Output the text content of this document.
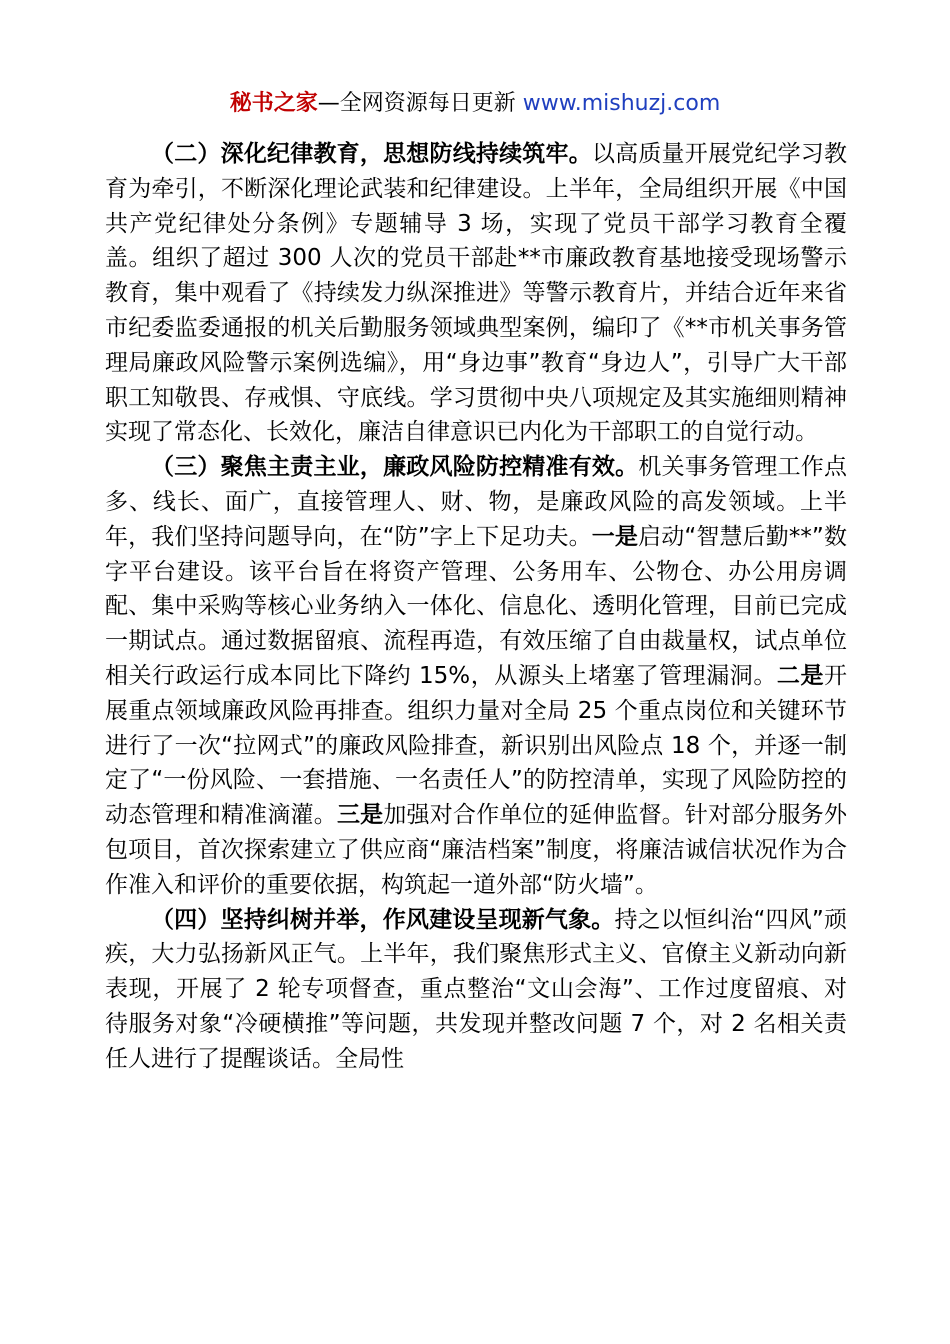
秘书之家—全网资源每日更新 www.mishuzj.com

（二）深化纪律教育，思想防线持续筑牢。以高质量开展党纪学习教育为牵引，不断深化理论武装和纪律建设。上半年，全局组织开展《中国共产党纪律处分条例》专题辅导 3 场，实现了党员干部学习教育全覆盖。组织了超过 300 人次的党员干部赴**市廉政教育基地接受现场警示教育，集中观看了《持续发力纵深推进》等警示教育片，并结合近年来省市纪委监委通报的机关后勤服务领域典型案例，编印了《**市机关事务管理局廉政风险警示案例选编》，用“身边事”教育“身边人”，引导广大干部职工知敬畏、存戒惧、守底线。学习贯彻中央八项规定及其实施细则精神实现了常态化、长效化，廉洁自律意识已内化为干部职工的自觉行动。

（三）聚焦主责主业，廉政风险防控精准有效。机关事务管理工作点多、线长、面广，直接管理人、财、物，是廉政风险的高发领域。上半年，我们坚持问题导向，在“防”字上下足功夫。一是启动“智慧后勤**”数字平台建设。该平台旨在将资产管理、公务用车、公物仓、办公用房调配、集中采购等核心业务纳入一体化、信息化、透明化管理，目前已完成一期试点。通过数据留痕、流程再造，有效压缩了自由裁量权，试点单位相关行政运行成本同比下降约 15%，从源头上堵塞了管理漏洞。二是开展重点领域廉政风险再排查。组织力量对全局 25 个重点岗位和关键环节进行了一次“拉网式”的廉政风险排查，新识别出风险点 18 个，并逐一制定了“一份风险、一套措施、一名责任人”的防控清单，实现了风险防控的动态管理和精准滴灌。三是加强对合作单位的延伸监督。针对部分服务外包项目，首次探索建立了供应商“廉洁档案”制度，将廉洁诚信状况作为合作准入和评价的重要依据，构筑起一道外部“防火墙”。

（四）坚持纠树并举，作风建设呈现新气象。持之以恒纠治“四风”顽疾，大力弘扬新风正气。上半年，我们聚焦形式主义、官僚主义新动向新表现，开展了 2 轮专项督查，重点整治“文山会海”、工作过度留痕、对待服务对象“冷硬横推”等问题，共发现并整改问题 7 个，对 2 名相关责任人进行了提醒谈话。全局性
